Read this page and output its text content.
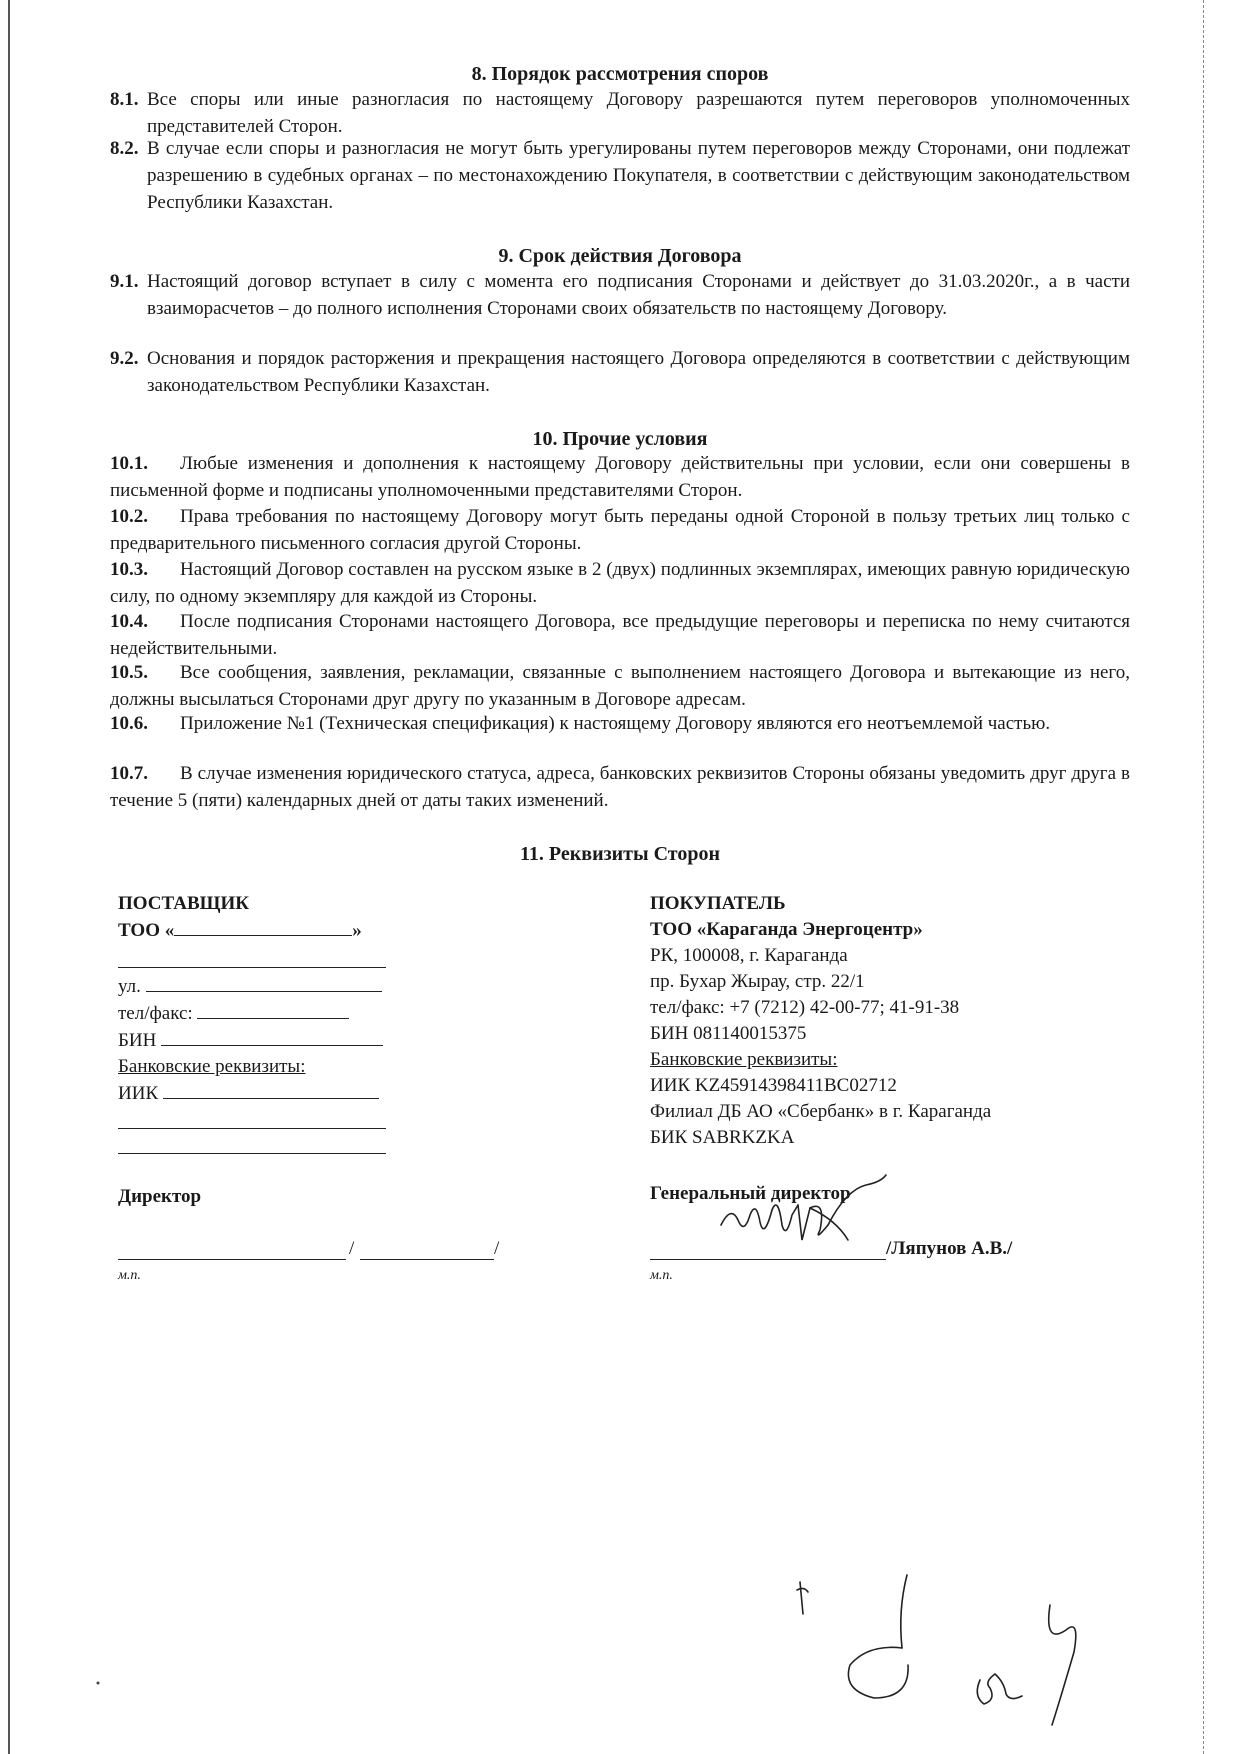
8. Порядок рассмотрения споров
8.1. Все споры или иные разногласия по настоящему Договору разрешаются путем переговоров уполномоченных представителей Сторон.
8.2. В случае если споры и разногласия не могут быть урегулированы путем переговоров между Сторонами, они подлежат разрешению в судебных органах – по местонахождению Покупателя, в соответствии с действующим законодательством Республики Казахстан.
9. Срок действия Договора
9.1. Настоящий договор вступает в силу с момента его подписания Сторонами и действует до 31.03.2020г., а в части взаиморасчетов – до полного исполнения Сторонами своих обязательств по настоящему Договору.
9.2. Основания и порядок расторжения и прекращения настоящего Договора определяются в соответствии с действующим законодательством Республики Казахстан.
10. Прочие условия
10.1.	Любые изменения и дополнения к настоящему Договору действительны при условии, если они совершены в письменной форме и подписаны уполномоченными представителями Сторон.
10.2.	Права требования по настоящему Договору могут быть переданы одной Стороной в пользу третьих лиц только с предварительного письменного согласия другой Стороны.
10.3.	Настоящий Договор составлен на русском языке в 2 (двух) подлинных экземплярах, имеющих равную юридическую силу, по одному экземпляру для каждой из Стороны.
10.4.	После подписания Сторонами настоящего Договора, все предыдущие переговоры и переписка по нему считаются недействительными.
10.5.	Все сообщения, заявления, рекламации, связанные с выполнением настоящего Договора и вытекающие из него, должны высылаться Сторонами друг другу по указанным в Договоре адресам.
10.6.	Приложение №1 (Техническая спецификация) к настоящему Договору являются его неотъемлемой частью.
10.7.	В случае изменения юридического статуса, адреса, банковских реквизитов Стороны обязаны уведомить друг друга в течение 5 (пяти) календарных дней от даты таких изменений.
11. Реквизиты Сторон
ПОСТАВЩИК
ТОО «	»
ул.
тел/факс:
БИН
Банковские реквизиты:
ИИК
Директор
/	/
м.п.
ПОКУПАТЕЛЬ
ТОО «Караганда Энергоцентр»
РК, 100008, г. Караганда
пр. Бухар Жырау, стр. 22/1
тел/факс: +7 (7212) 42-00-77; 41-91-38
БИН 081140015375
Банковские реквизиты:
ИИК KZ45914398411BC02712
Филиал ДБ АО «Сбербанк» в г. Караганда
БИК SABRKZKA
Генеральный директор
/Ляпунов А.В./
м.п.
